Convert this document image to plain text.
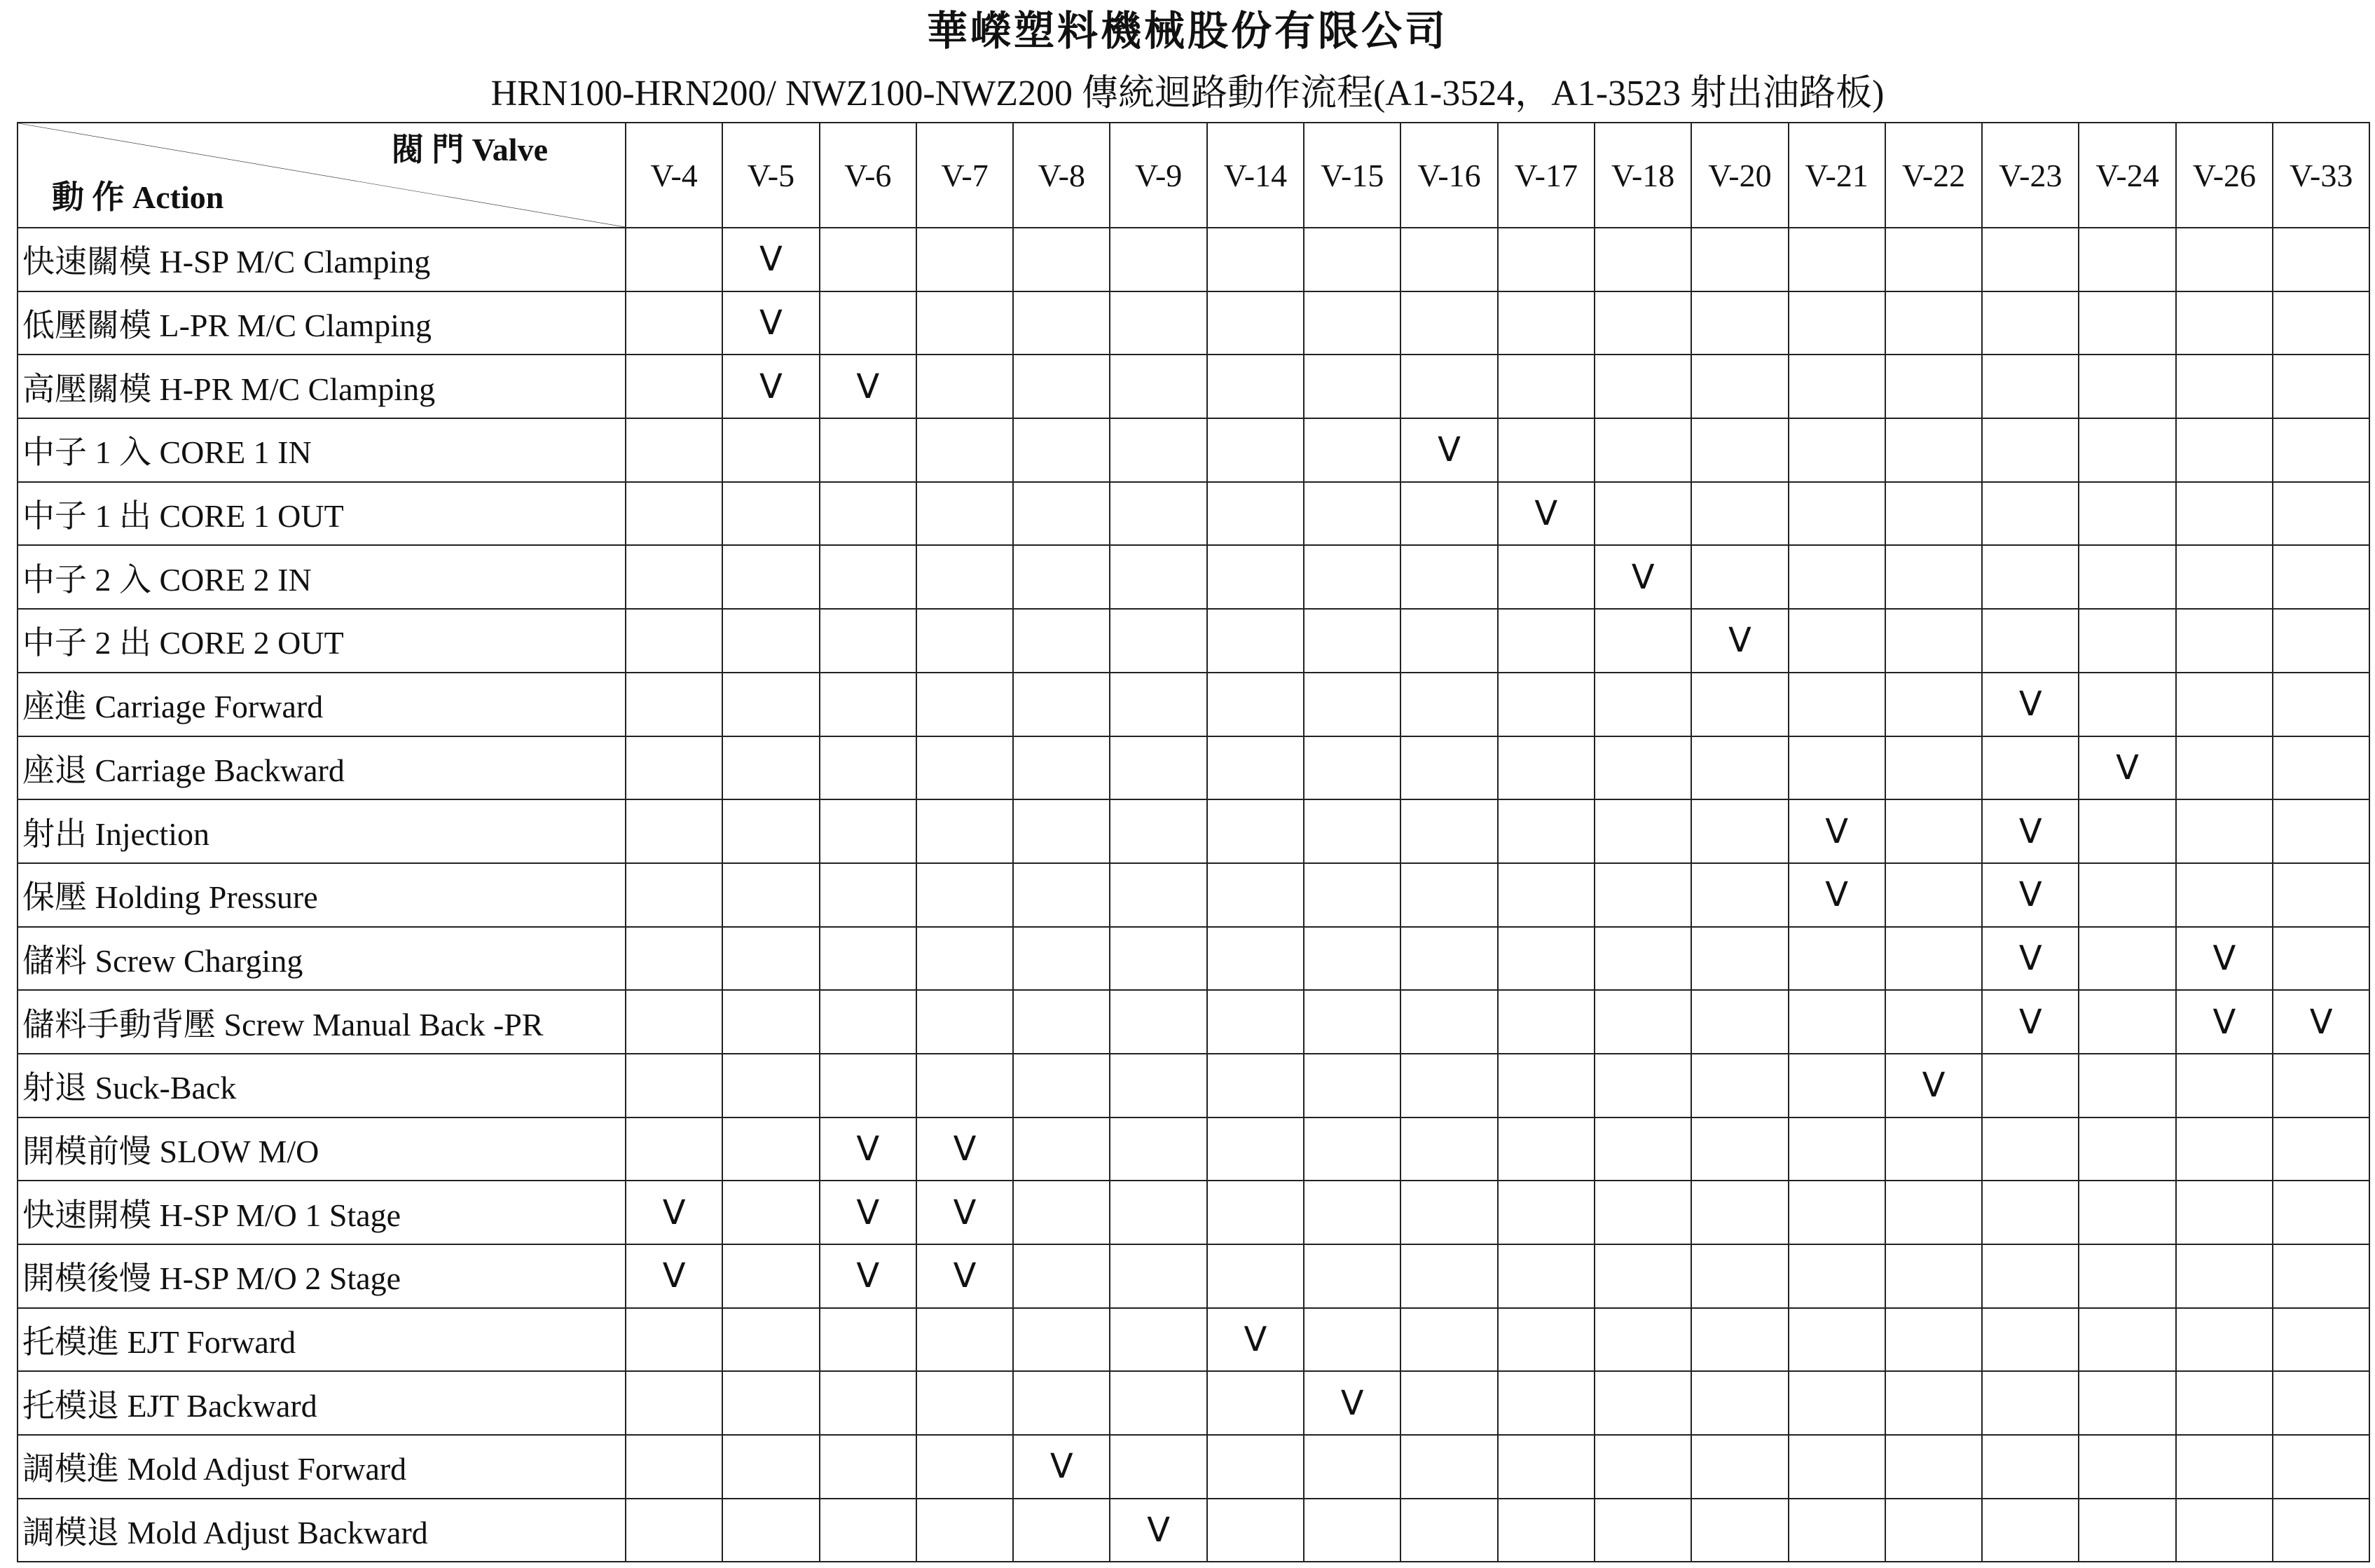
華嶸塑料機械股份有限公司
HRN100-HRN200/ NWZ100-NWZ200 傳統迴路動作流程(A1-3524，A1-3523 射出油路板)
閥 門 Valve
動 作 Action	V-4	V-5	V-6	V-7	V-8	V-9	V-14	V-15	V-16	V-17	V-18	V-20	V-21	V-22	V-23	V-24	V-26	V-33
快速關模 H-SP M/C Clamping		V																
低壓關模 L-PR M/C Clamping		V																
高壓關模 H-PR M/C Clamping		V	V															
中子 1 入 CORE 1 IN									V									
中子 1 出 CORE 1 OUT										V								
中子 2 入 CORE 2 IN											V							
中子 2 出 CORE 2 OUT												V						
座進 Carriage Forward															V			
座退 Carriage Backward																V		
射出 Injection													V		V			
保壓 Holding Pressure													V		V			
儲料 Screw Charging															V		V	
儲料手動背壓 Screw Manual Back -PR															V		V	V
射退 Suck-Back														V				
開模前慢 SLOW M/O			V	V														
快速開模 H-SP M/O 1 Stage	V		V	V														
開模後慢 H-SP M/O 2 Stage	V		V	V														
托模進 EJT Forward							V											
托模退 EJT Backward								V										
調模進 Mold Adjust Forward					V													
調模退 Mold Adjust Backward						V												
